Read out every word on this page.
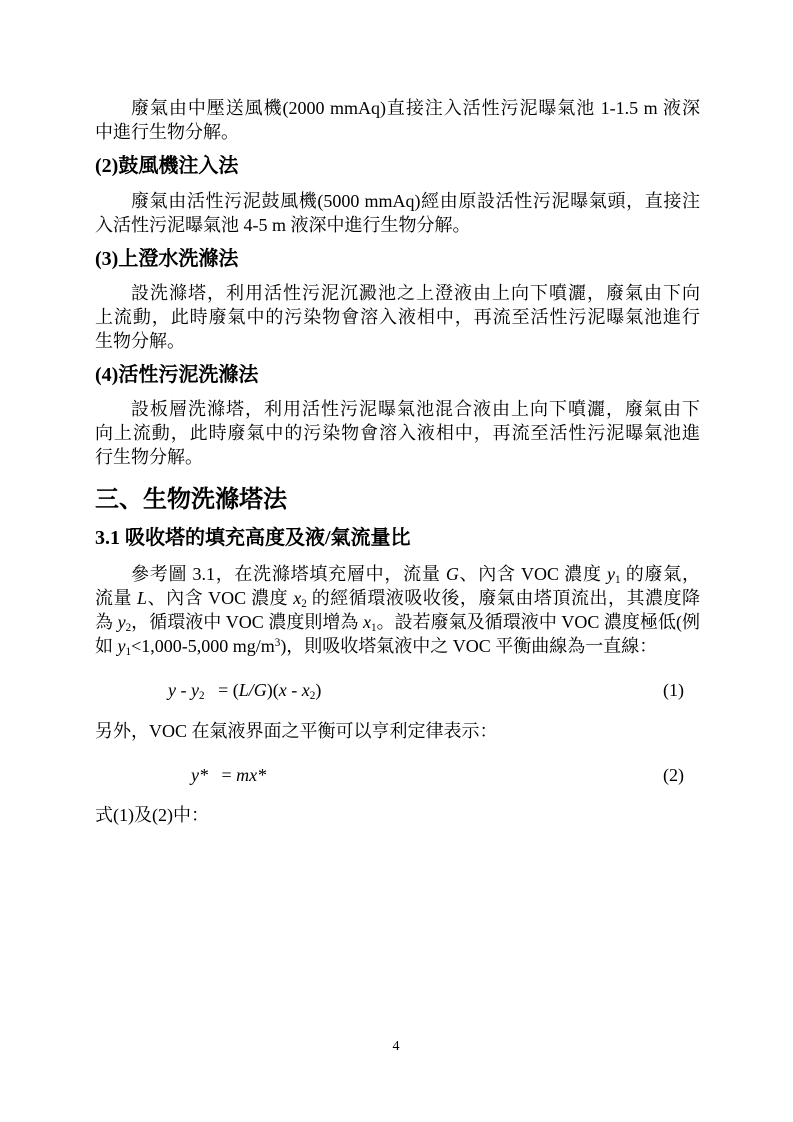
廢氣由中壓送風機(2000 mmAq)直接注入活性污泥曝氣池 1-1.5 m 液深
中進行生物分解。
(2)鼓風機注入法
廢氣由活性污泥鼓風機(5000 mmAq)經由原設活性污泥曝氣頭，直接注
入活性污泥曝氣池 4-5 m 液深中進行生物分解。
(3)上澄水洗滌法
設洗滌塔，利用活性污泥沉澱池之上澄液由上向下噴灑，廢氣由下向
上流動，此時廢氣中的污染物會溶入液相中，再流至活性污泥曝氣池進行
生物分解。
(4)活性污泥洗滌法
設板層洗滌塔，利用活性污泥曝氣池混合液由上向下噴灑，廢氣由下
向上流動，此時廢氣中的污染物會溶入液相中，再流至活性污泥曝氣池進
行生物分解。
三、生物洗滌塔法
3.1 吸收塔的填充高度及液/氣流量比
參考圖 3.1，在洗滌塔填充層中，流量 G、內含 VOC 濃度 y1 的廢氣，
流量 L、內含 VOC 濃度 x2 的經循環液吸收後，廢氣由塔頂流出，其濃度降
為 y2，循環液中 VOC 濃度則增為 x1。設若廢氣及循環液中 VOC 濃度極低(例
如 y1<1,000-5,000 $mg/m^3$)，則吸收塔氣液中之 VOC 平衡曲線為一直線：
y - y2   = (L/G)(x - x2)	(1)
另外，VOC 在氣液界面之平衡可以亨利定律表示：
y*   = mx*	(2)
式(1)及(2)中：
4
